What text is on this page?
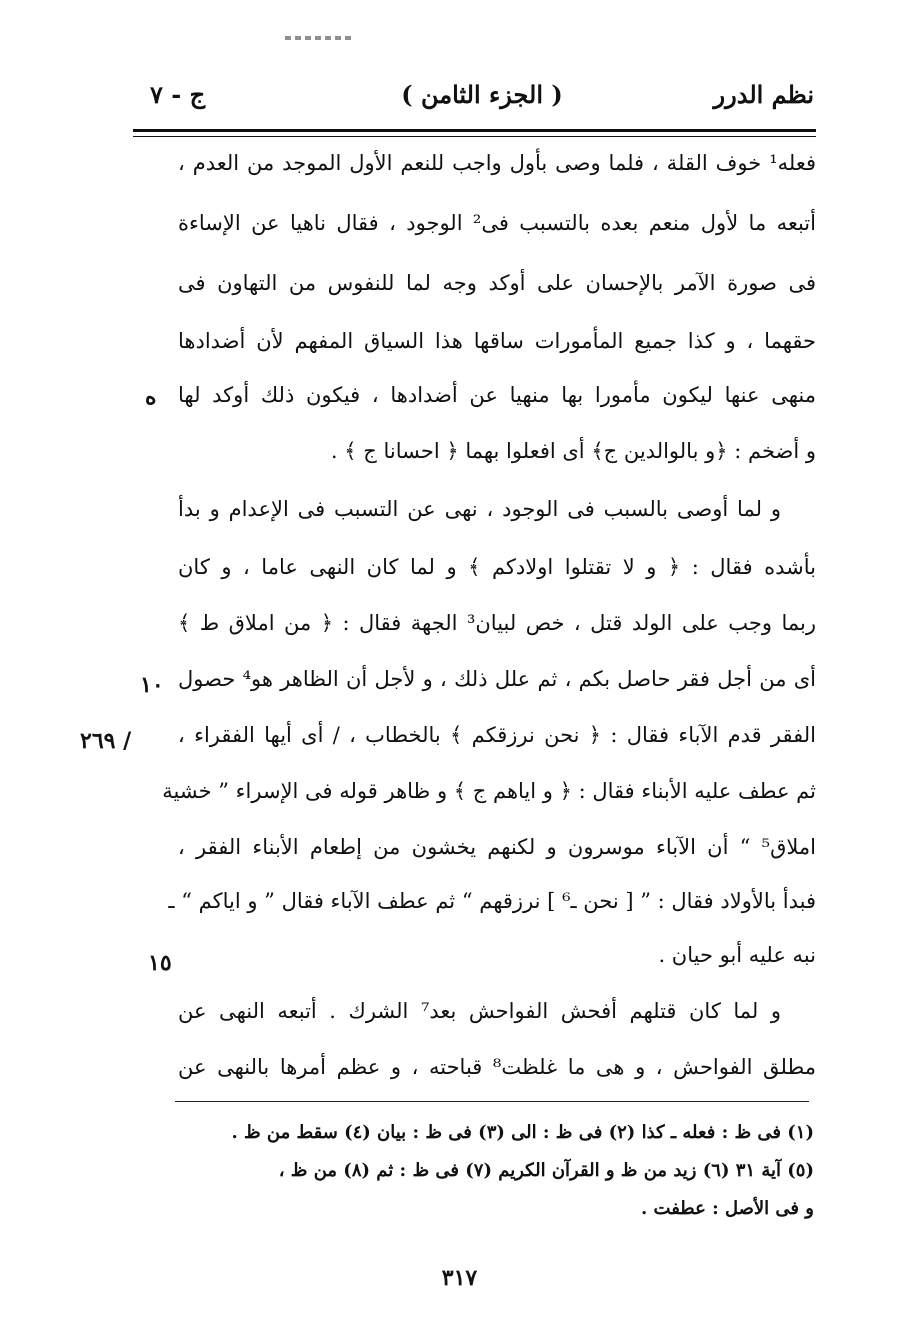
نظم الدرر
( الجزء الثامن )
ج - ٧
فعله¹ خوف القلة ، فلما وصى بأول واجب للنعم الأول الموجد من العدم ،
أتبعه ما لأول منعم بعده بالتسبب فى² الوجود ، فقال ناهيا عن الإساءة
فى صورة الآمر بالإحسان على أوكد وجه لما للنفوس من التهاون فى
حقهما ، و كذا جميع المأمورات ساقها هذا السياق المفهم لأن أضدادها
منهى عنها ليكون مأمورا بها منهيا عن أضدادها ، فيكون ذلك أوكد لها
و أضخم : ﴿و بالوالدين ج﴾ أى افعلوا بهما ﴿ احسانا ج ﴾ .
و لما أوصى بالسبب فى الوجود ، نهى عن التسبب فى الإعدام و بدأ
بأشده فقال : ﴿ و لا تقتلوا اولادكم ﴾ و لما كان النهى عاما ، و كان
ربما وجب على الولد قتل ، خص لبيان³ الجهة فقال : ﴿ من املاق ط ﴾
أى من أجل فقر حاصل بكم ، ثم علل ذلك ، و لأجل أن الظاهر هو⁴ حصول
الفقر قدم الآباء فقال : ﴿ نحن نرزقكم ﴾ بالخطاب ، / أى أيها الفقراء ،
ثم عطف عليه الأبناء فقال : ﴿ و اياهم ج ﴾ و ظاهر قوله فى الإسراء ” خشية
املاق⁵ “ أن الآباء موسرون و لكنهم يخشون من إطعام الأبناء الفقر ،
فبدأ بالأولاد فقال : ” [ نحن ـ⁶ ] نرزقهم “ ثم عطف الآباء فقال ” و اياكم “ ـ
نبه عليه أبو حيان .
و لما كان قتلهم أفحش الفواحش بعد⁷ الشرك . أتبعه النهى عن
مطلق الفواحش ، و هى ما غلظت⁸ قباحته ، و عظم أمرها بالنهى عن
ه
١٠
/ ٢٦٩
١٥
(١) فى ظ : فعله ـ كذا (٢) فى ظ : الى (٣) فى ظ : بيان (٤) سقط من ظ .
(٥) آية ٣١ (٦) زيد من ظ و القرآن الكريم (٧) فى ظ : ثم (٨) من ظ ،
و فى الأصل : عطفت .
٣١٧
